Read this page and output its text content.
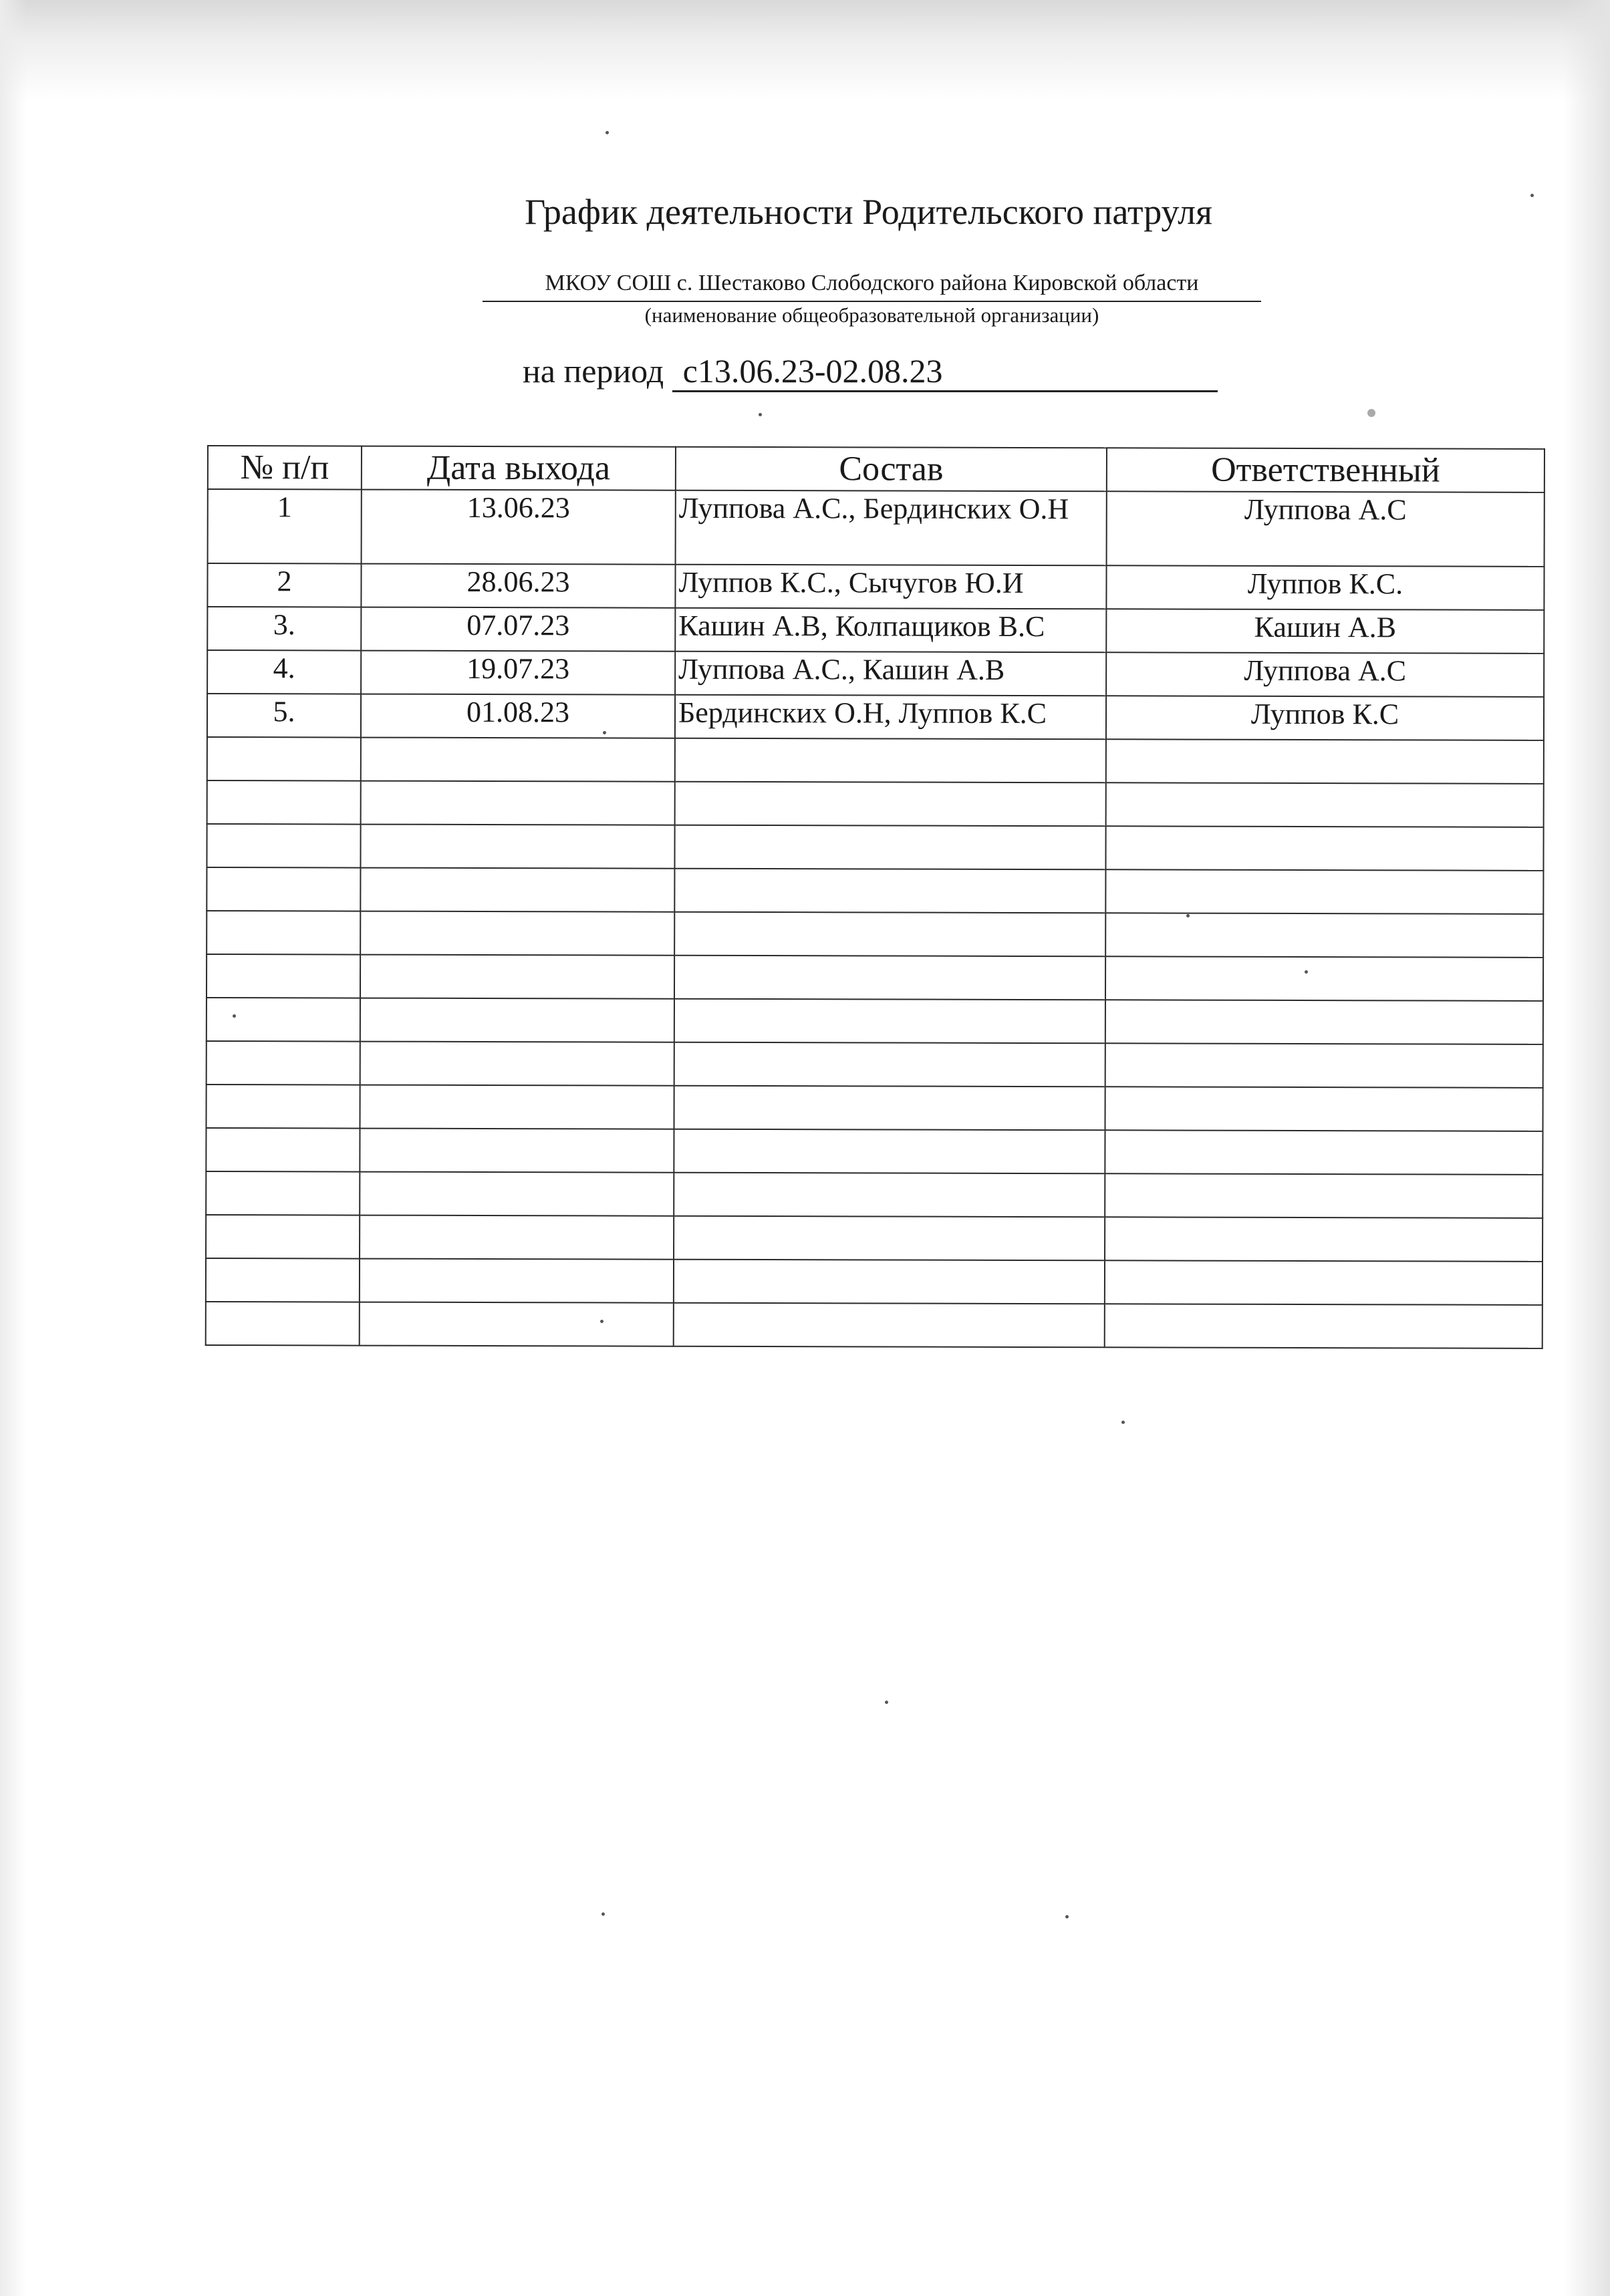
График деятельности Родительского патруля
МКОУ СОШ с. Шестаково Слободского района Кировской области
(наименование общеобразовательной организации)
на период с13.06.23-02.08.23
№ п/п	Дата выхода	Состав	Ответственный
1	13.06.23	Луппова А.С., Бердинских О.Н	Луппова А.С
2	28.06.23	Луппов К.С., Сычугов Ю.И	Луппов К.С.
3.	07.07.23	Кашин А.В, Колпащиков В.С	Кашин А.В
4.	19.07.23	Луппова А.С., Кашин А.В	Луппова А.С
5.	01.08.23	Бердинских О.Н, Луппов К.С	Луппов К.С
